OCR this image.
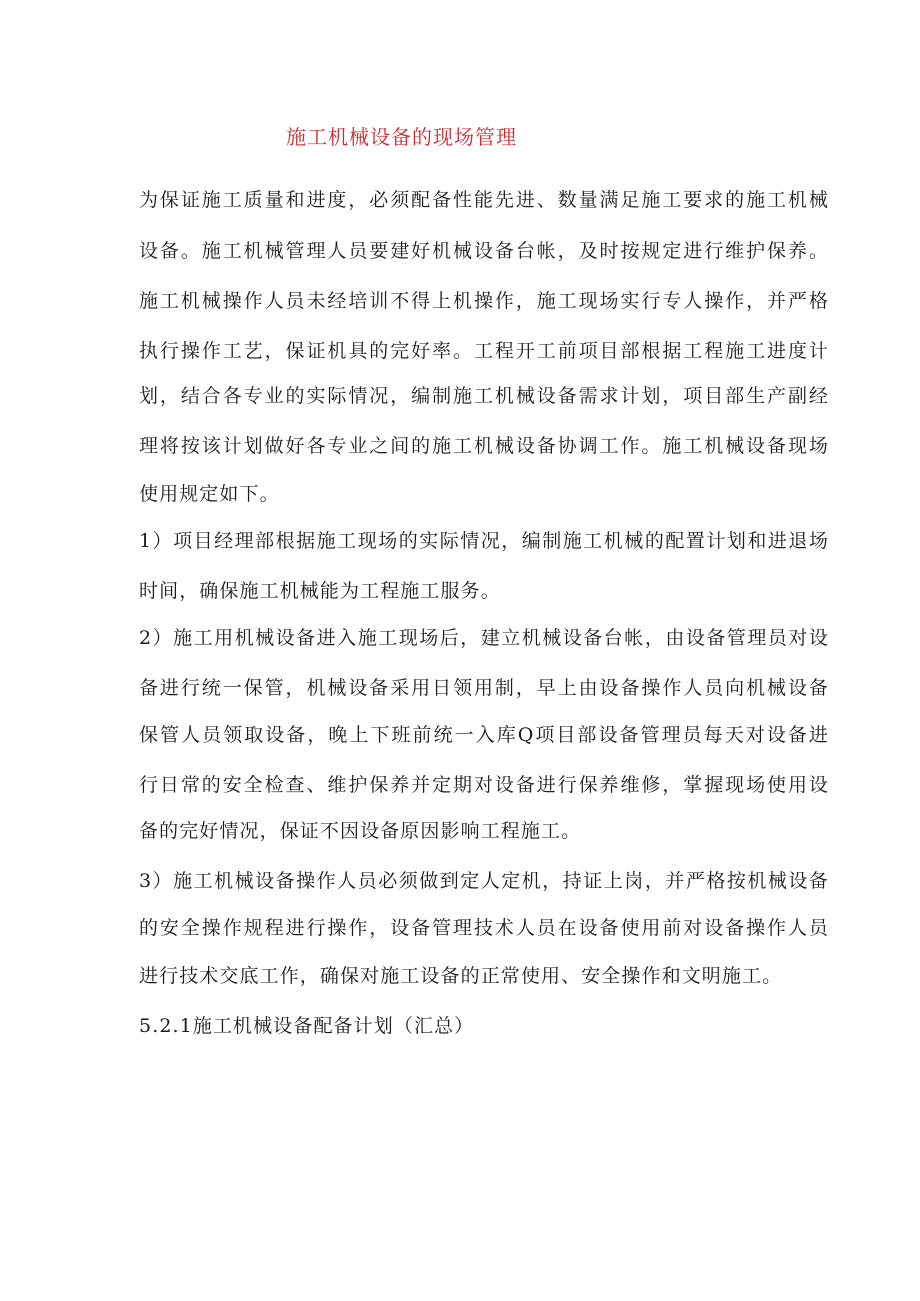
施工机械设备的现场管理
为保证施工质量和进度，必须配备性能先进、数量满足施工要求的施工机械
设备。施工机械管理人员要建好机械设备台帐，及时按规定进行维护保养。
施工机械操作人员未经培训不得上机操作，施工现场实行专人操作，并严格
执行操作工艺，保证机具的完好率。工程开工前项目部根据工程施工进度计
划，结合各专业的实际情况，编制施工机械设备需求计划，项目部生产副经
理将按该计划做好各专业之间的施工机械设备协调工作。施工机械设备现场
使用规定如下。
1）项目经理部根据施工现场的实际情况，编制施工机械的配置计划和进退场
时间，确保施工机械能为工程施工服务。
2）施工用机械设备进入施工现场后，建立机械设备台帐，由设备管理员对设
备进行统一保管，机械设备采用日领用制，早上由设备操作人员向机械设备
保管人员领取设备，晚上下班前统一入库Q项目部设备管理员每天对设备进
行日常的安全检查、维护保养并定期对设备进行保养维修，掌握现场使用设
备的完好情况，保证不因设备原因影响工程施工。
3）施工机械设备操作人员必须做到定人定机，持证上岗，并严格按机械设备
的安全操作规程进行操作，设备管理技术人员在设备使用前对设备操作人员
进行技术交底工作，确保对施工设备的正常使用、安全操作和文明施工。
5.2.1施工机械设备配备计划（汇总）
